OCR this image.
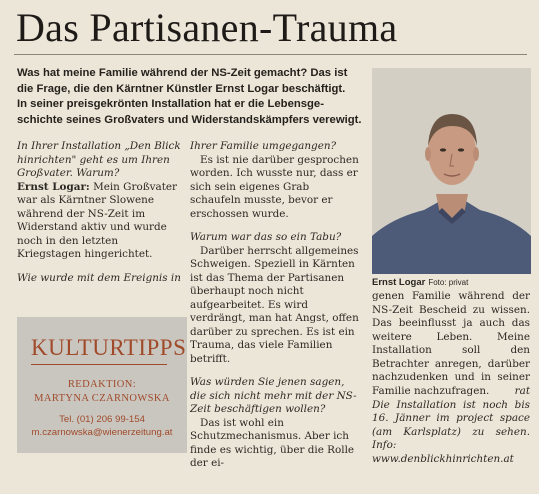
Das Partisanen-Trauma

Was hat meine Familie während der NS-Zeit gemacht? Das ist

die Frage, die den Kärntner Künstler Ernst Logar beschäftigt.

In seiner preisgekrönten Installation hat er die Lebensge-

schichte seines Großvaters und Widerstandskämpfers verewigt.

In Ihrer Installation „Den Blick hinrichten" geht es um Ihren Großvater. Warum?

Ernst Logar: Mein Großvater war als Kärntner Slowene während der NS-Zeit im Widerstand aktiv und wurde noch in den letzten Kriegstagen hingerichtet.

Wie wurde mit dem Ereignis in

Ihrer Familie umgegangen?

Es ist nie darüber gesprochen worden. Ich wusste nur, dass er sich sein eigenes Grab schaufeln musste, bevor er erschossen wurde.

Warum war das so ein Tabu?

Darüber herrscht allgemeines Schweigen. Speziell in Kärnten ist das Thema der Partisanen überhaupt noch nicht aufgearbeitet. Es wird verdrängt, man hat Angst, offen darüber zu sprechen. Es ist ein Trauma, das viele Familien betrifft.

Was würden Sie jenen sagen, die sich nicht mehr mit der NS-Zeit beschäftigen wollen?

Das ist wohl ein Schutzmechanismus. Aber ich finde es wichtig, über die Rolle der ei-

Ernst Logar Foto: privat

genen Familie während der NS-Zeit Bescheid zu wissen. Das beeinflusst ja auch das weitere Leben. Meine Installation soll den Betrachter anregen, darüber nachzudenken und in seiner Familie nachzufragen.	rat

Die Installation ist noch bis 16. Jänner im project space (am Karlsplatz) zu sehen. Info: www.denblickhinrichten.at

KULTURTIPPS
REDAKTION:
MARTYNA CZARNOWSKA
Tel. (01) 206 99-154
m.czarnowska@wienerzeitung.at
